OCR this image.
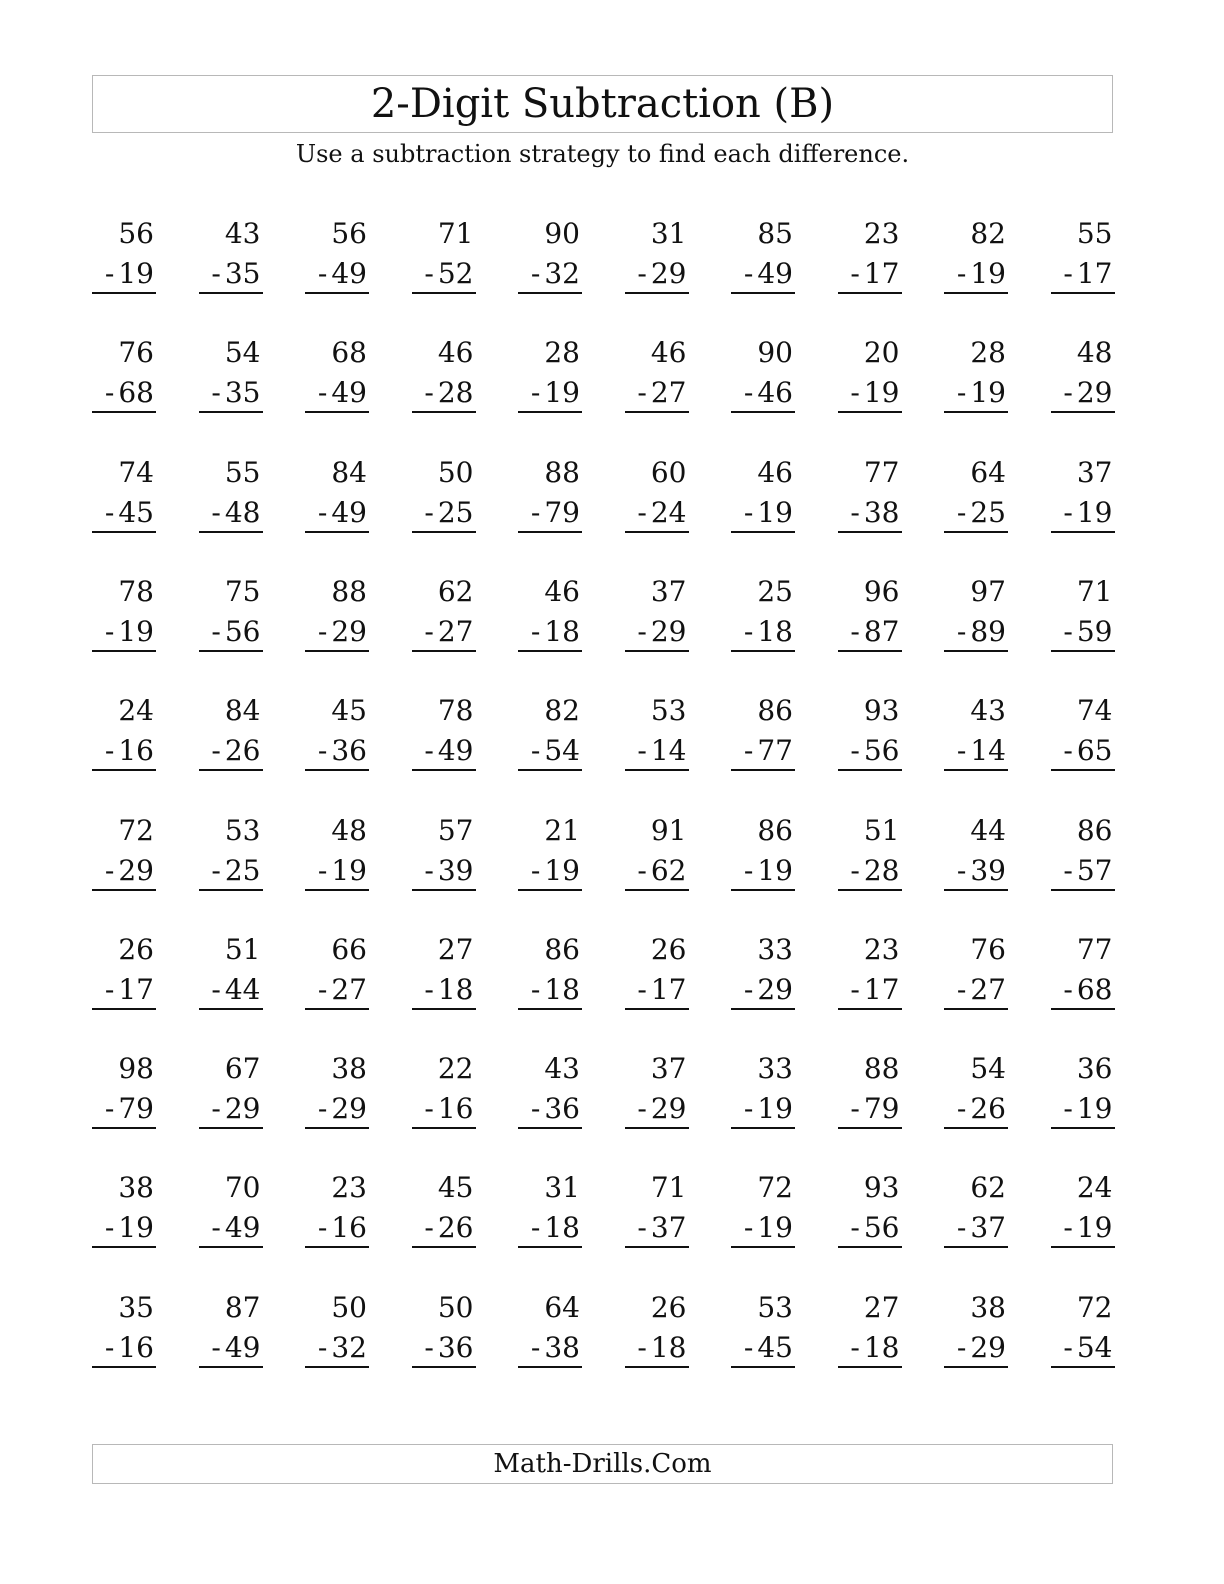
2-Digit Subtraction (B)
Use a subtraction strategy to find each difference.
56
- 19
43
- 35
56
- 49
71
- 52
90
- 32
31
- 29
85
- 49
23
- 17
82
- 19
55
- 17
76
- 68
54
- 35
68
- 49
46
- 28
28
- 19
46
- 27
90
- 46
20
- 19
28
- 19
48
- 29
74
- 45
55
- 48
84
- 49
50
- 25
88
- 79
60
- 24
46
- 19
77
- 38
64
- 25
37
- 19
78
- 19
75
- 56
88
- 29
62
- 27
46
- 18
37
- 29
25
- 18
96
- 87
97
- 89
71
- 59
24
- 16
84
- 26
45
- 36
78
- 49
82
- 54
53
- 14
86
- 77
93
- 56
43
- 14
74
- 65
72
- 29
53
- 25
48
- 19
57
- 39
21
- 19
91
- 62
86
- 19
51
- 28
44
- 39
86
- 57
26
- 17
51
- 44
66
- 27
27
- 18
86
- 18
26
- 17
33
- 29
23
- 17
76
- 27
77
- 68
98
- 79
67
- 29
38
- 29
22
- 16
43
- 36
37
- 29
33
- 19
88
- 79
54
- 26
36
- 19
38
- 19
70
- 49
23
- 16
45
- 26
31
- 18
71
- 37
72
- 19
93
- 56
62
- 37
24
- 19
35
- 16
87
- 49
50
- 32
50
- 36
64
- 38
26
- 18
53
- 45
27
- 18
38
- 29
72
- 54
Math-Drills.Com
